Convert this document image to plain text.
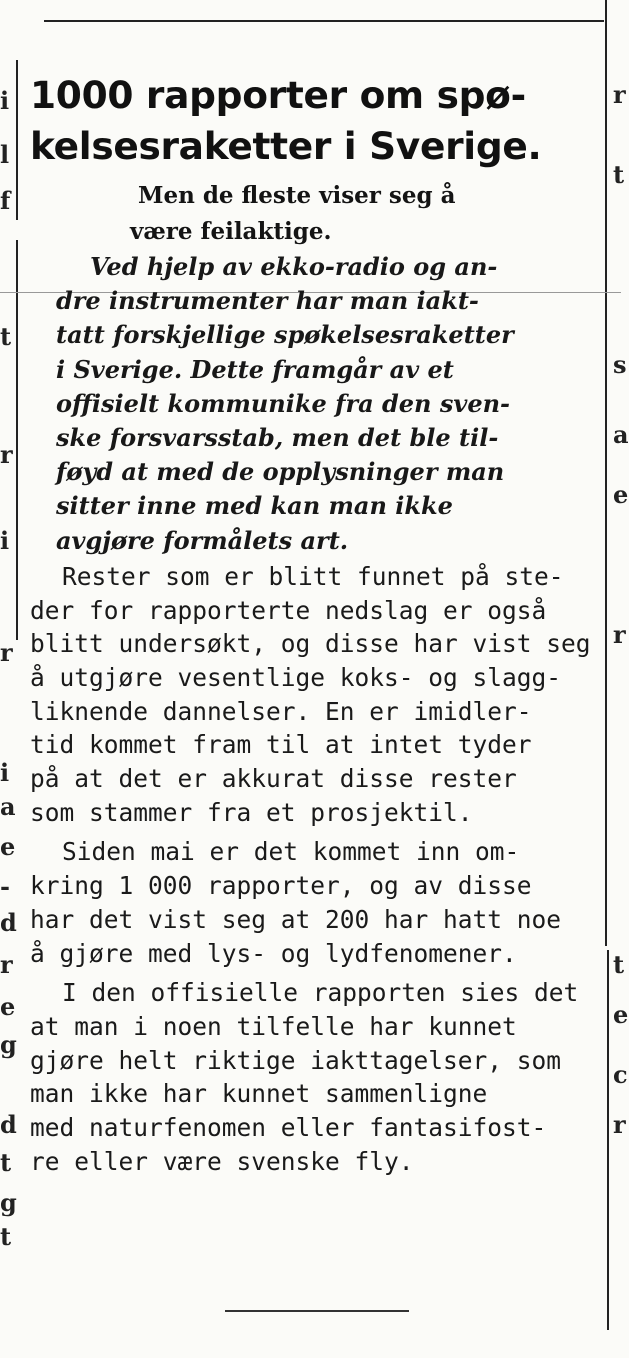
i
l
f
t
r
i
r
i
a
e
-
d
r
e
g
d
t
g
t
r
t
s
a
e
r
t
e
c
r
1000 rapporter om spø-
kelsesraketter i Sverige.
Men de fleste viser seg å
være feilaktige.
Ved hjelp av ekko-radio og an-
dre instrumenter har man iakt-
tatt forskjellige spøkelsesraketter
i Sverige. Dette framgår av et
offisielt kommunike fra den sven-
ske forsvarsstab, men det ble til-
føyd at med de opplysninger man
sitter inne med kan man ikke
avgjøre formålets art.
Rester som er blitt funnet på ste-
der for rapporterte nedslag er også
blitt undersøkt, og disse har vist seg
å utgjøre vesentlige koks- og slagg-
liknende dannelser. En er imidler-
tid kommet fram til at intet tyder
på at det er akkurat disse rester
som stammer fra et prosjektil.
Siden mai er det kommet inn om-
kring 1 000 rapporter, og av disse
har det vist seg at 200 har hatt noe
å gjøre med lys- og lydfenomener.
I den offisielle rapporten sies det
at man i noen tilfelle har kunnet
gjøre helt riktige iakttagelser, som
man ikke har kunnet sammenligne
med naturfenomen eller fantasifost-
re eller være svenske fly.
